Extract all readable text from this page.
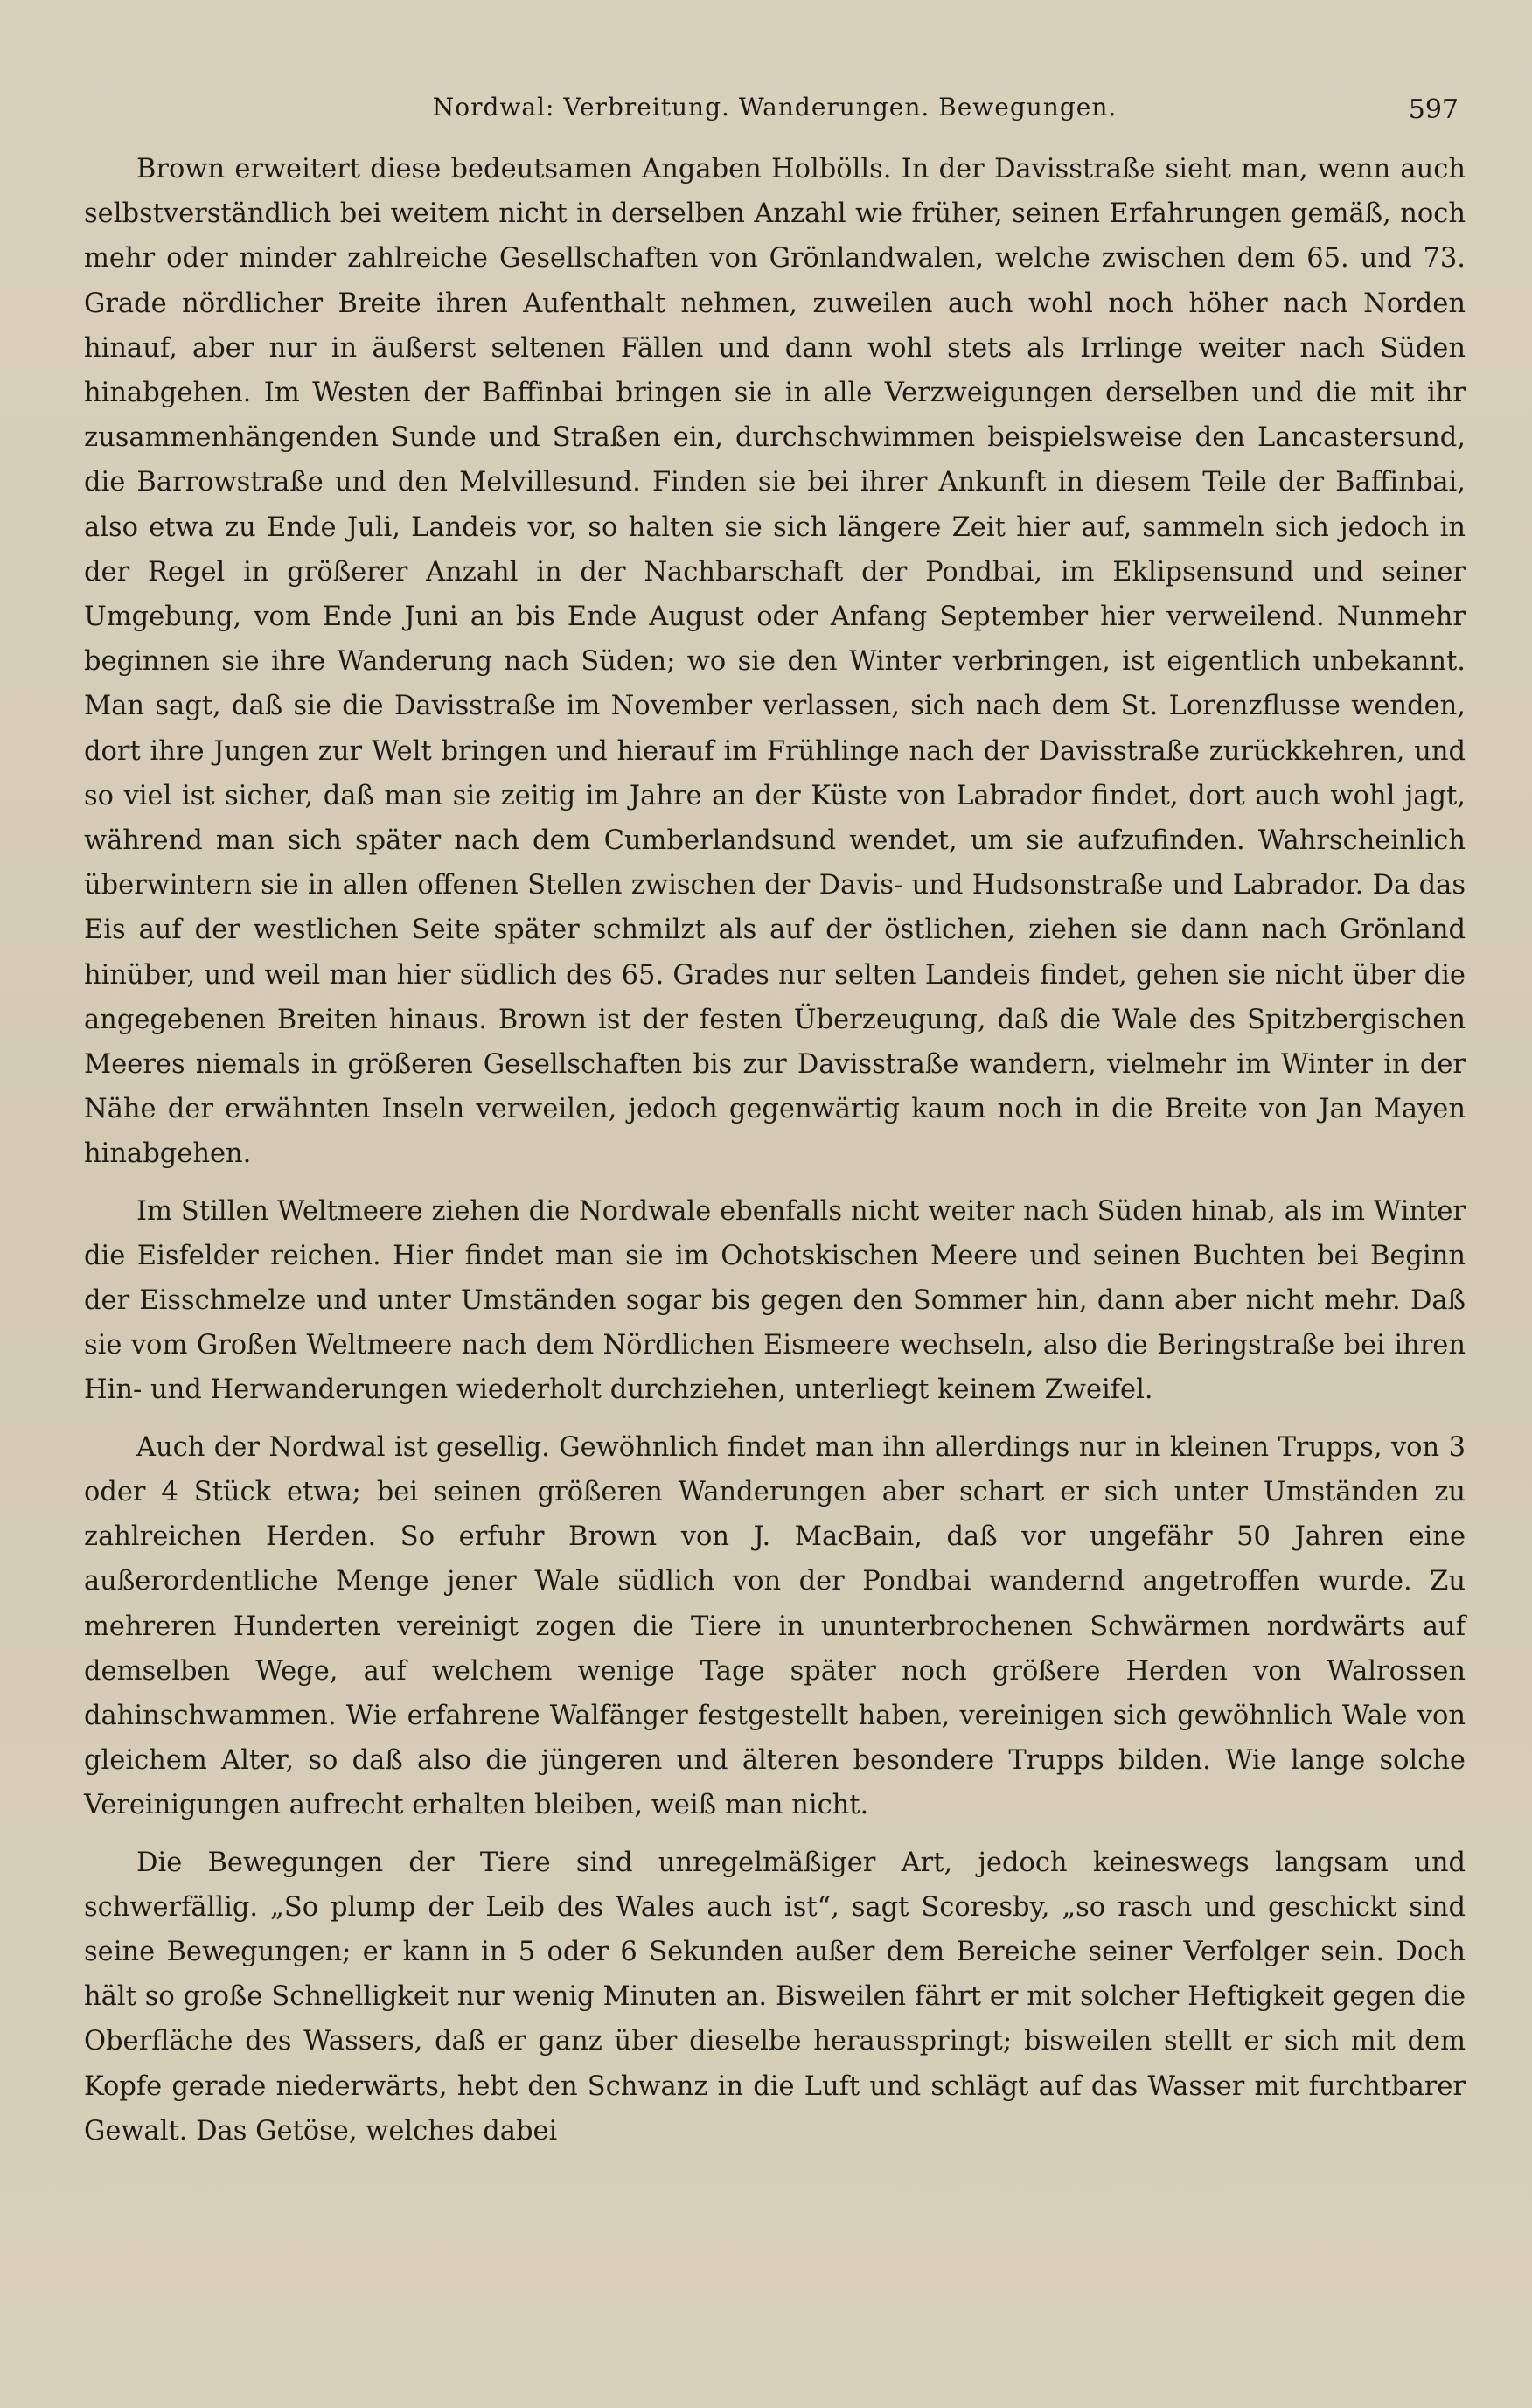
Nordwal: Verbreitung. Wanderungen. Bewegungen.	597

Brown erweitert diese bedeutsamen Angaben Holbölls. In der Davisstraße sieht man, wenn auch selbstverständlich bei weitem nicht in derselben Anzahl wie früher, seinen Erfahrungen gemäß, noch mehr oder minder zahlreiche Gesellschaften von Grönlandwalen, welche zwischen dem 65. und 73. Grade nördlicher Breite ihren Aufenthalt nehmen, zuweilen auch wohl noch höher nach Norden hinauf, aber nur in äußerst seltenen Fällen und dann wohl stets als Irrlinge weiter nach Süden hinabgehen. Im Westen der Baffinbai bringen sie in alle Verzweigungen derselben und die mit ihr zusammenhängenden Sunde und Straßen ein, durchschwimmen beispielsweise den Lancastersund, die Barrowstraße und den Melvillesund. Finden sie bei ihrer Ankunft in diesem Teile der Baffinbai, also etwa zu Ende Juli, Landeis vor, so halten sie sich längere Zeit hier auf, sammeln sich jedoch in der Regel in größerer Anzahl in der Nachbarschaft der Pondbai, im Eklipsensund und seiner Umgebung, vom Ende Juni an bis Ende August oder Anfang September hier verweilend. Nunmehr beginnen sie ihre Wanderung nach Süden; wo sie den Winter verbringen, ist eigentlich unbekannt. Man sagt, daß sie die Davisstraße im November verlassen, sich nach dem St. Lorenzflusse wenden, dort ihre Jungen zur Welt bringen und hierauf im Frühlinge nach der Davisstraße zurückkehren, und so viel ist sicher, daß man sie zeitig im Jahre an der Küste von Labrador findet, dort auch wohl jagt, während man sich später nach dem Cumberlandsund wendet, um sie aufzufinden. Wahrscheinlich überwintern sie in allen offenen Stellen zwischen der Davis- und Hudsonstraße und Labrador. Da das Eis auf der westlichen Seite später schmilzt als auf der östlichen, ziehen sie dann nach Grönland hinüber, und weil man hier südlich des 65. Grades nur selten Landeis findet, gehen sie nicht über die angegebenen Breiten hinaus. Brown ist der festen Überzeugung, daß die Wale des Spitzbergischen Meeres niemals in größeren Gesellschaften bis zur Davisstraße wandern, vielmehr im Winter in der Nähe der erwähnten Inseln verweilen, jedoch gegenwärtig kaum noch in die Breite von Jan Mayen hinabgehen.

Im Stillen Weltmeere ziehen die Nordwale ebenfalls nicht weiter nach Süden hinab, als im Winter die Eisfelder reichen. Hier findet man sie im Ochotskischen Meere und seinen Buchten bei Beginn der Eisschmelze und unter Umständen sogar bis gegen den Sommer hin, dann aber nicht mehr. Daß sie vom Großen Weltmeere nach dem Nördlichen Eismeere wechseln, also die Beringstraße bei ihren Hin- und Herwanderungen wiederholt durchziehen, unterliegt keinem Zweifel.

Auch der Nordwal ist gesellig. Gewöhnlich findet man ihn allerdings nur in kleinen Trupps, von 3 oder 4 Stück etwa; bei seinen größeren Wanderungen aber schart er sich unter Umständen zu zahlreichen Herden. So erfuhr Brown von J. MacBain, daß vor ungefähr 50 Jahren eine außerordentliche Menge jener Wale südlich von der Pondbai wandernd angetroffen wurde. Zu mehreren Hunderten vereinigt zogen die Tiere in ununterbrochenen Schwärmen nordwärts auf demselben Wege, auf welchem wenige Tage später noch größere Herden von Walrossen dahinschwammen. Wie erfahrene Walfänger festgestellt haben, vereinigen sich gewöhnlich Wale von gleichem Alter, so daß also die jüngeren und älteren besondere Trupps bilden. Wie lange solche Vereinigungen aufrecht erhalten bleiben, weiß man nicht.

Die Bewegungen der Tiere sind unregelmäßiger Art, jedoch keineswegs langsam und schwerfällig. „So plump der Leib des Wales auch ist“, sagt Scoresby, „so rasch und geschickt sind seine Bewegungen; er kann in 5 oder 6 Sekunden außer dem Bereiche seiner Verfolger sein. Doch hält so große Schnelligkeit nur wenig Minuten an. Bisweilen fährt er mit solcher Heftigkeit gegen die Oberfläche des Wassers, daß er ganz über dieselbe herausspringt; bisweilen stellt er sich mit dem Kopfe gerade niederwärts, hebt den Schwanz in die Luft und schlägt auf das Wasser mit furchtbarer Gewalt. Das Getöse, welches dabei
